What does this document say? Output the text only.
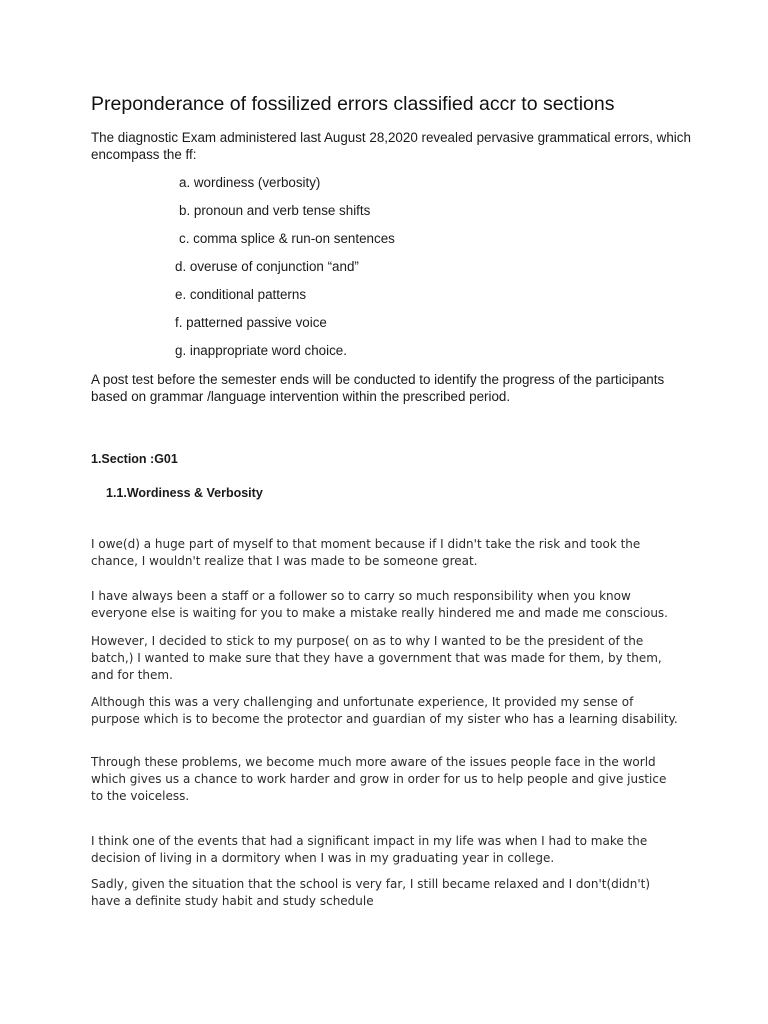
Preponderance of fossilized errors classified accr to sections

The diagnostic Exam administered last August 28,2020 revealed pervasive grammatical errors, which encompass the ff:

a. wordiness (verbosity)
b. pronoun and verb tense shifts
c. comma splice & run-on sentences
d. overuse of conjunction “and”
e. conditional patterns
f. patterned passive voice
g. inappropriate word choice.

A post test before the semester ends will be conducted to identify the progress of the participants based on grammar /language intervention within the prescribed period.

1.Section :G01
1.1.Wordiness & Verbosity

I owe(d) a huge part of myself to that moment because if I didn't take the risk and took the chance, I wouldn't realize that I was made to be someone great.

I have always been a staff or a follower so to carry so much responsibility when you know everyone else is waiting for you to make a mistake really hindered me and made me conscious.

However, I decided to stick to my purpose( on as to why I wanted to be the president of the batch,) I wanted to make sure that they have a government that was made for them, by them, and for them.

Although this was a very challenging and unfortunate experience, It provided my sense of purpose which is to become the protector and guardian of my sister who has a learning disability.

Through these problems, we become much more aware of the issues people face in the world which gives us a chance to work harder and grow in order for us to help people and give justice to the voiceless.

I think one of the events that had a significant impact in my life was when I had to make the decision of living in a dormitory when I was in my graduating year in college.

Sadly, given the situation that the school is very far, I still became relaxed and I don't(didn't) have a definite study habit and study schedule
